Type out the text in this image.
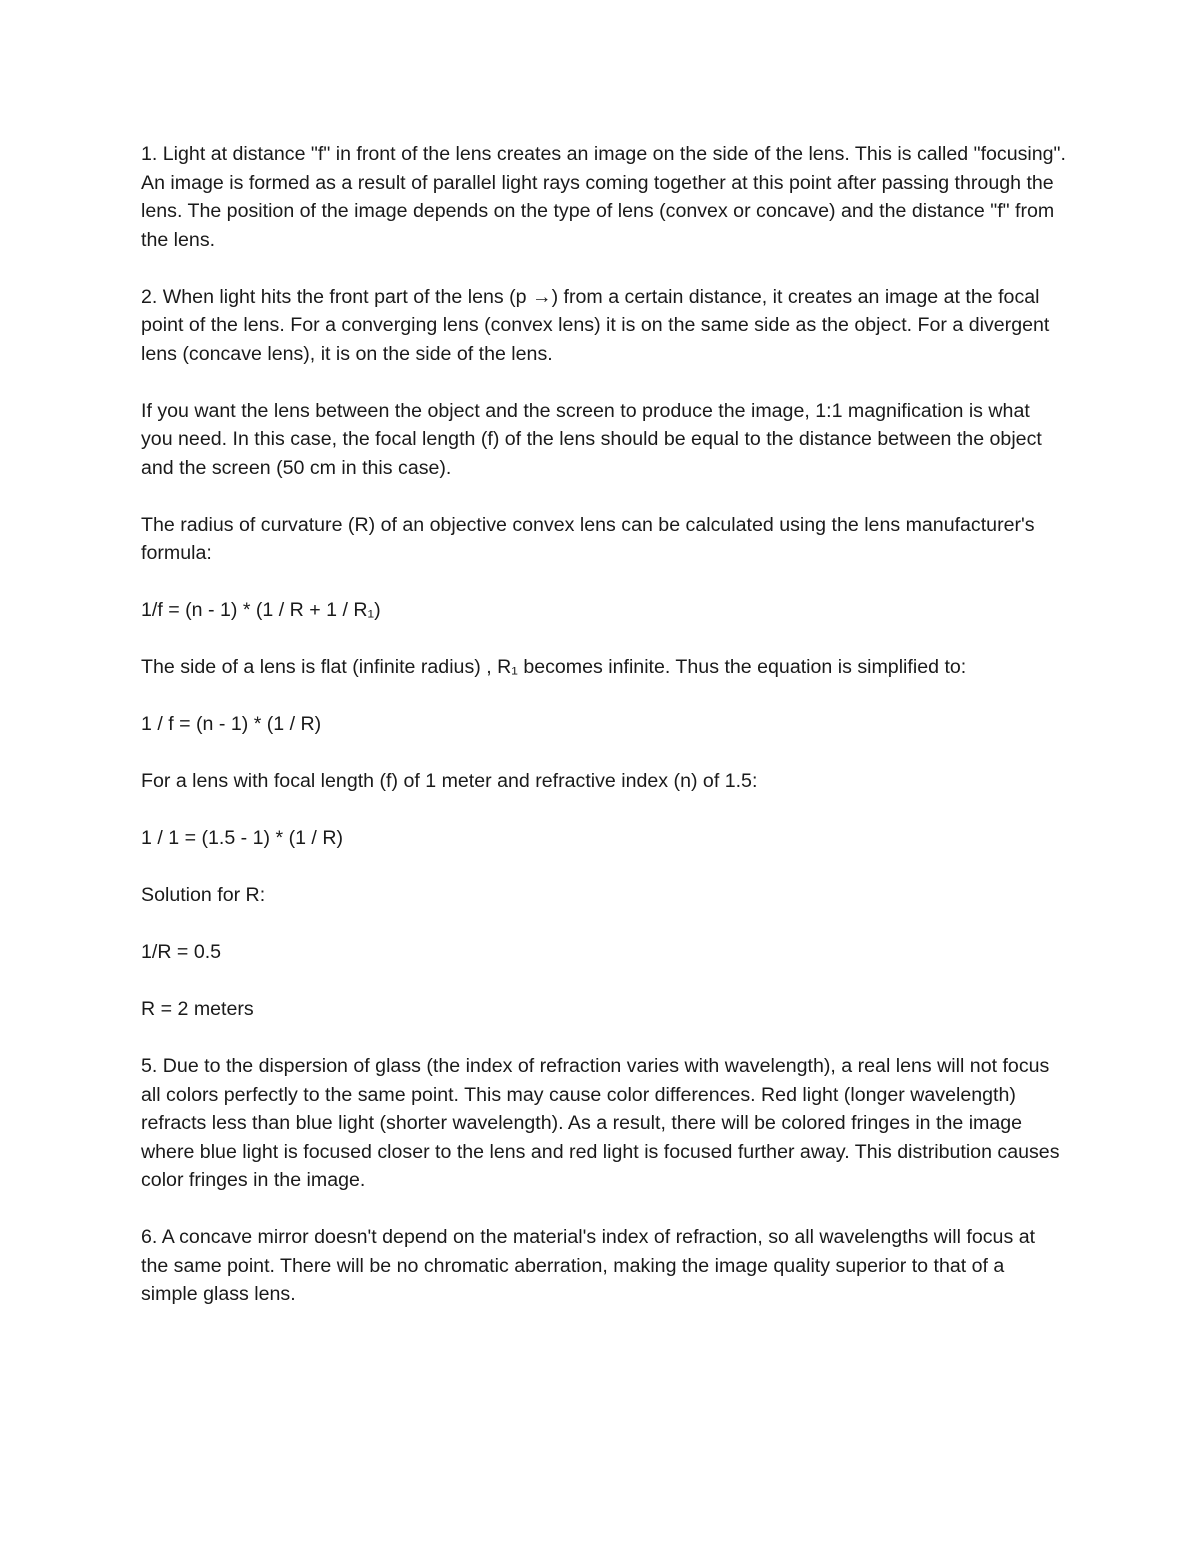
1. Light at distance "f" in front of the lens creates an image on the side of the lens. This is called "focusing". An image is formed as a result of parallel light rays coming together at this point after passing through the lens. The position of the image depends on the type of lens (convex or concave) and the distance "f" from the lens.

2. When light hits the front part of the lens (p →) from a certain distance, it creates an image at the focal point of the lens. For a converging lens (convex lens) it is on the same side as the object. For a divergent lens (concave lens), it is on the side of the lens.

If you want the lens between the object and the screen to produce the image, 1:1 magnification is what you need. In this case, the focal length (f) of the lens should be equal to the distance between the object and the screen (50 cm in this case).

The radius of curvature (R) of an objective convex lens can be calculated using the lens manufacturer's formula:

1/f = (n - 1) * (1 / R + 1 / R₁)

The side of a lens is flat (infinite radius) , R₁ becomes infinite. Thus the equation is simplified to:

1 / f = (n - 1) * (1 / R)

For a lens with focal length (f) of 1 meter and refractive index (n) of 1.5:

1 / 1 = (1.5 - 1) * (1 / R)

Solution for R:

1/R = 0.5

R = 2 meters

5. Due to the dispersion of glass (the index of refraction varies with wavelength), a real lens will not focus all colors perfectly to the same point. This may cause color differences. Red light (longer wavelength) refracts less than blue light (shorter wavelength). As a result, there will be colored fringes in the image where blue light is focused closer to the lens and red light is focused further away. This distribution causes color fringes in the image.

6. A concave mirror doesn't depend on the material's index of refraction, so all wavelengths will focus at the same point. There will be no chromatic aberration, making the image quality superior to that of a simple glass lens.
